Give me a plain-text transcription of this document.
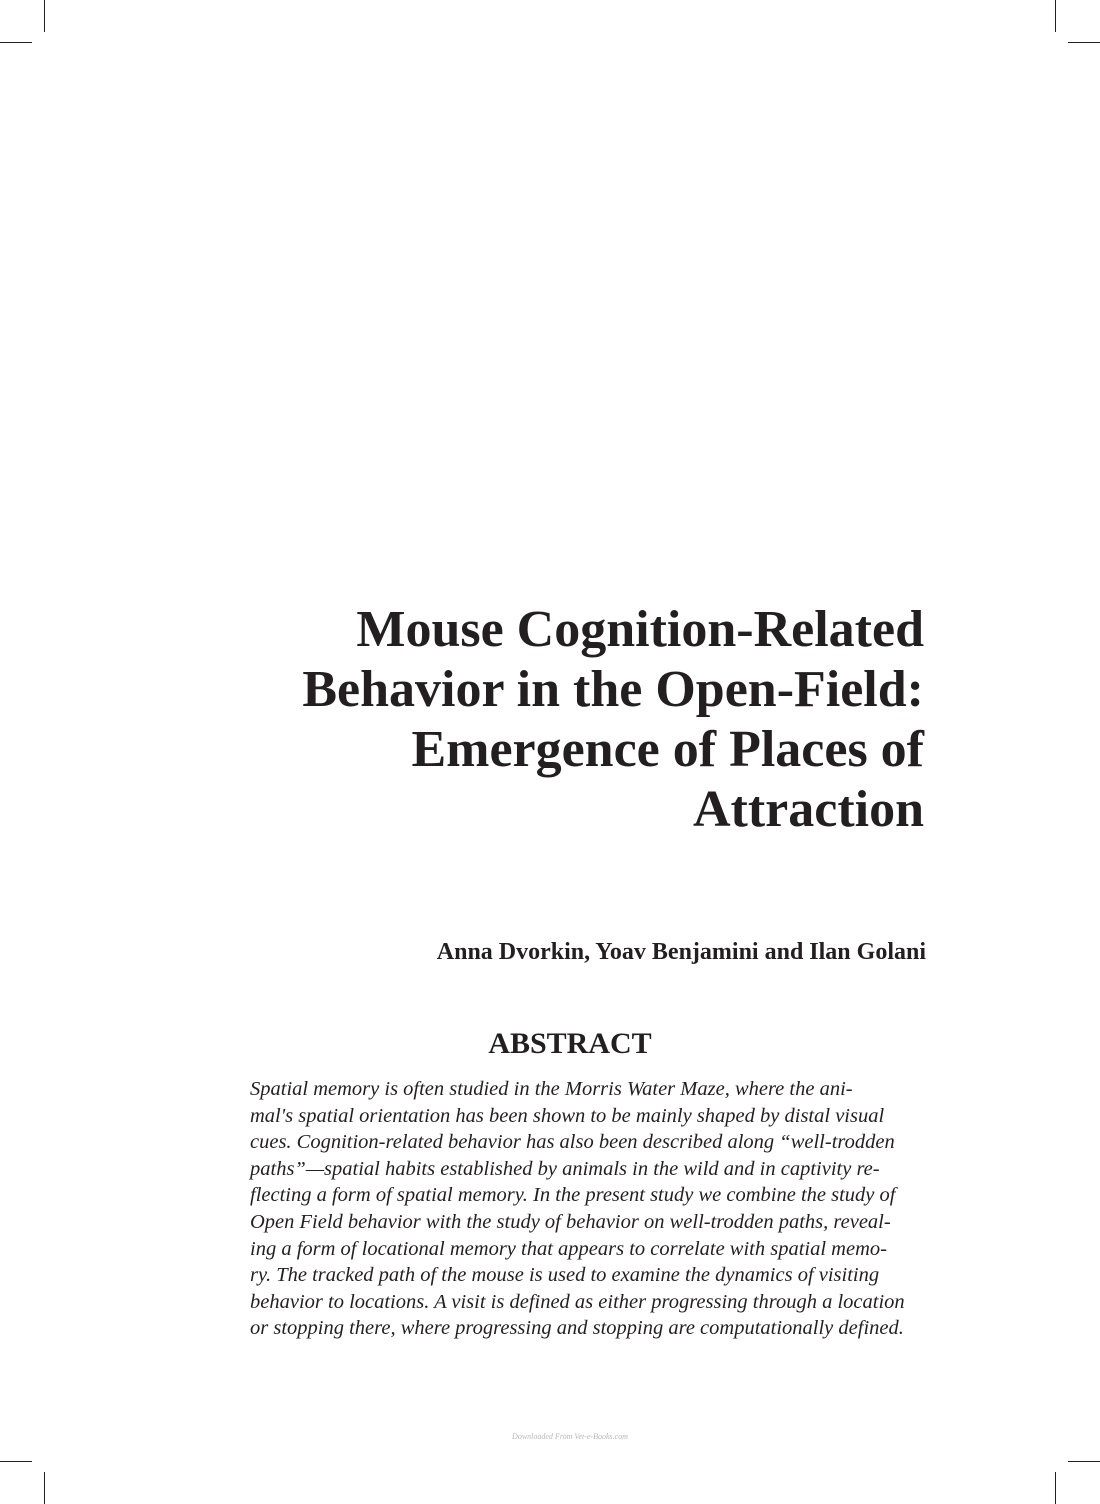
Mouse Cognition-Related
Behavior in the Open-Field:
Emergence of Places of
Attraction

Anna Dvorkin, Yoav Benjamini and Ilan Golani

ABSTRACT
Spatial memory is often studied in the Morris Water Maze, where the ani-
mal's spatial orientation has been shown to be mainly shaped by distal visual
cues. Cognition-related behavior has also been described along “well-trodden
paths”—spatial habits established by animals in the wild and in captivity re-
flecting a form of spatial memory. In the present study we combine the study of
Open Field behavior with the study of behavior on well-trodden paths, reveal-
ing a form of locational memory that appears to correlate with spatial memo-
ry. The tracked path of the mouse is used to examine the dynamics of visiting
behavior to locations. A visit is defined as either progressing through a location
or stopping there, where progressing and stopping are computationally defined.

Downloaded From Vet-e-Books.com
